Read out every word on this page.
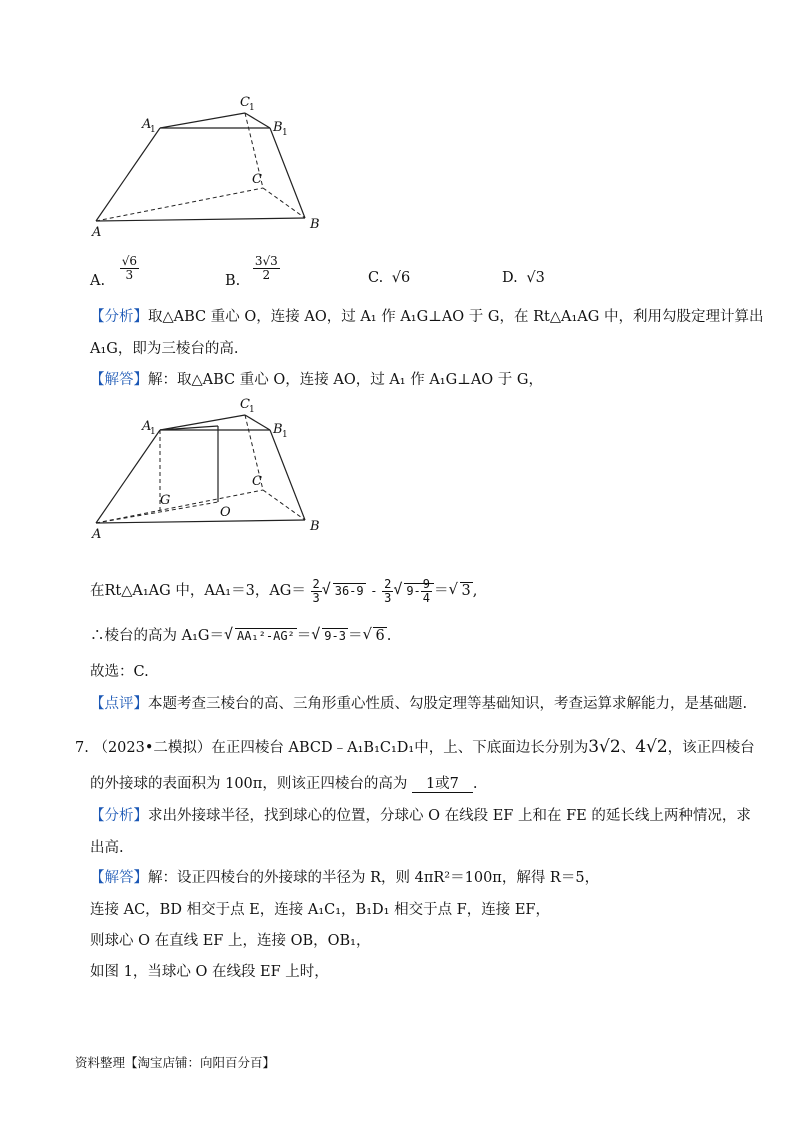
A
1
C 1
B 1
C
A
B
A. $\frac{√6}{3}$	B. $\frac{3√3}{2}$	C. √6	D. √3
【分析】取△ABC 重心 O，连接 AO，过 A₁ 作 A₁G⊥AO 于 G，在 Rt△A₁AG 中，利用勾股定理计算出
A₁G，即为三棱台的高.
【解答】解：取△ABC 重心 O，连接 AO，过 A₁ 作 A₁G⊥AO 于 G，
A
1
C 1
B 1
C
G
O
A
B
在Rt△A₁AG 中，AA₁＝3，$AG= \frac{2}{3}$ √ $36-9 - \frac{2}{3}$ √ $9- \frac{9}{4}$ ＝ √ 3 ,
∴棱台的高为 A₁G＝ √ AA₁²-AG² ＝ √ 9-3 ＝ √ 6 .
故选：C.
【点评】本题考查三棱台的高、三角形重心性质、勾股定理等基础知识，考查运算求解能力，是基础题.
7. （2023•二模拟）在正四棱台 ABCD﹣A₁B₁C₁D₁中，上、下底面边长分别为3√2、4√2，该正四棱台
的外接球的表面积为 100π，则该正四棱台的高为 1或7 .
【分析】求出外接球半径，找到球心的位置，分球心 O 在线段 EF 上和在 FE 的延长线上两种情况，求
出高.
【解答】解：设正四棱台的外接球的半径为 R，则 4πR²＝100π，解得 R＝5，
连接 AC，BD 相交于点 E，连接 A₁C₁，B₁D₁ 相交于点 F，连接 EF，
则球心 O 在直线 EF 上，连接 OB，OB₁，
如图 1，当球心 O 在线段 EF 上时，
资料整理【淘宝店铺：向阳百分百】
